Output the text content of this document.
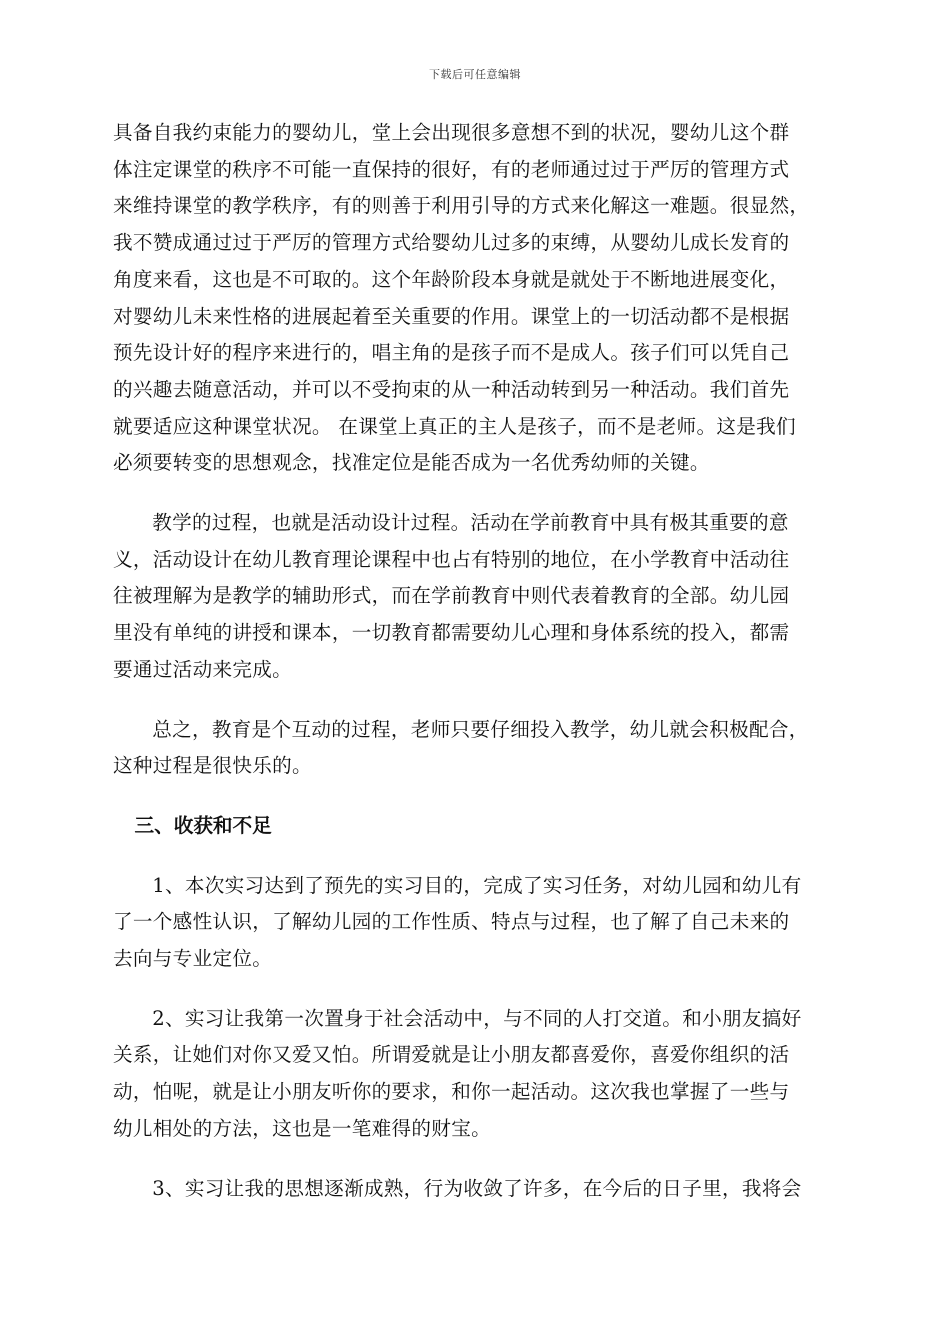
下载后可任意编辑

具备自我约束能力的婴幼儿，堂上会出现很多意想不到的状况，婴幼儿这个群
体注定课堂的秩序不可能一直保持的很好，有的老师通过过于严厉的管理方式
来维持课堂的教学秩序，有的则善于利用引导的方式来化解这一难题。很显然，
我不赞成通过过于严厉的管理方式给婴幼儿过多的束缚，从婴幼儿成长发育的
角度来看，这也是不可取的。这个年龄阶段本身就是就处于不断地进展变化，
对婴幼儿未来性格的进展起着至关重要的作用。课堂上的一切活动都不是根据
预先设计好的程序来进行的，唱主角的是孩子而不是成人。孩子们可以凭自己
的兴趣去随意活动，并可以不受拘束的从一种活动转到另一种活动。我们首先
就要适应这种课堂状况。 在课堂上真正的主人是孩子，而不是老师。这是我们
必须要转变的思想观念，找准定位是能否成为一名优秀幼师的关键。

教学的过程，也就是活动设计过程。活动在学前教育中具有极其重要的意
义，活动设计在幼儿教育理论课程中也占有特别的地位，在小学教育中活动往
往被理解为是教学的辅助形式，而在学前教育中则代表着教育的全部。幼儿园
里没有单纯的讲授和课本，一切教育都需要幼儿心理和身体系统的投入，都需
要通过活动来完成。

总之，教育是个互动的过程，老师只要仔细投入教学，幼儿就会积极配合，
这种过程是很快乐的。

三、收获和不足

1、本次实习达到了预先的实习目的，完成了实习任务，对幼儿园和幼儿有
了一个感性认识，了解幼儿园的工作性质、特点与过程，也了解了自己未来的
去向与专业定位。

2、实习让我第一次置身于社会活动中，与不同的人打交道。和小朋友搞好
关系，让她们对你又爱又怕。所谓爱就是让小朋友都喜爱你，喜爱你组织的活
动，怕呢，就是让小朋友听你的要求，和你一起活动。这次我也掌握了一些与
幼儿相处的方法，这也是一笔难得的财宝。

3、实习让我的思想逐渐成熟，行为收敛了许多，在今后的日子里，我将会
